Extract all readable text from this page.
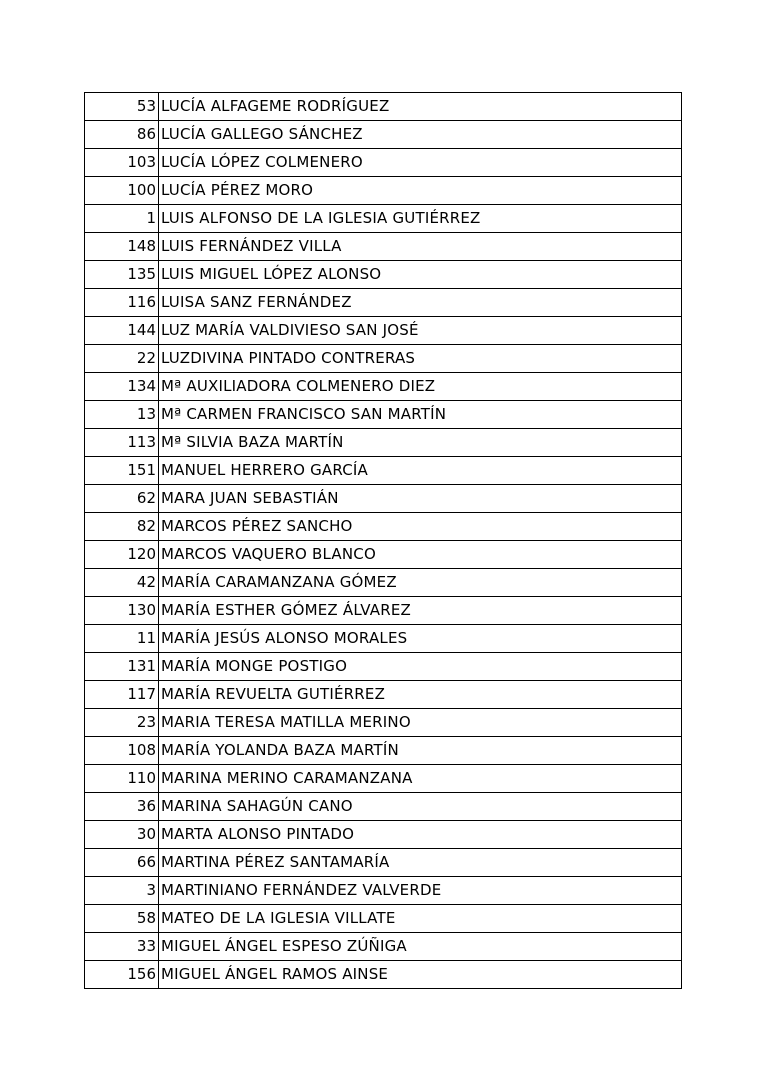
53	LUCÍA ALFAGEME RODRÍGUEZ
86	LUCÍA GALLEGO SÁNCHEZ
103	LUCÍA LÓPEZ COLMENERO
100	LUCÍA PÉREZ MORO
1	LUIS ALFONSO DE LA IGLESIA GUTIÉRREZ
148	LUIS FERNÁNDEZ VILLA
135	LUIS MIGUEL LÓPEZ ALONSO
116	LUISA SANZ FERNÁNDEZ
144	LUZ MARÍA VALDIVIESO SAN JOSÉ
22	LUZDIVINA PINTADO CONTRERAS
134	Mª AUXILIADORA COLMENERO DIEZ
13	Mª CARMEN FRANCISCO SAN MARTÍN
113	Mª SILVIA BAZA MARTÍN
151	MANUEL HERRERO GARCÍA
62	MARA JUAN SEBASTIÁN
82	MARCOS PÉREZ SANCHO
120	MARCOS VAQUERO BLANCO
42	MARÍA CARAMANZANA GÓMEZ
130	MARÍA ESTHER GÓMEZ ÁLVAREZ
11	MARÍA JESÚS ALONSO MORALES
131	MARÍA MONGE POSTIGO
117	MARÍA REVUELTA GUTIÉRREZ
23	MARIA TERESA MATILLA MERINO
108	MARÍA YOLANDA BAZA MARTÍN
110	MARINA MERINO CARAMANZANA
36	MARINA SAHAGÚN CANO
30	MARTA ALONSO PINTADO
66	MARTINA PÉREZ SANTAMARÍA
3	MARTINIANO FERNÁNDEZ VALVERDE
58	MATEO DE LA IGLESIA VILLATE
33	MIGUEL ÁNGEL ESPESO ZÚÑIGA
156	MIGUEL ÁNGEL RAMOS AINSE
